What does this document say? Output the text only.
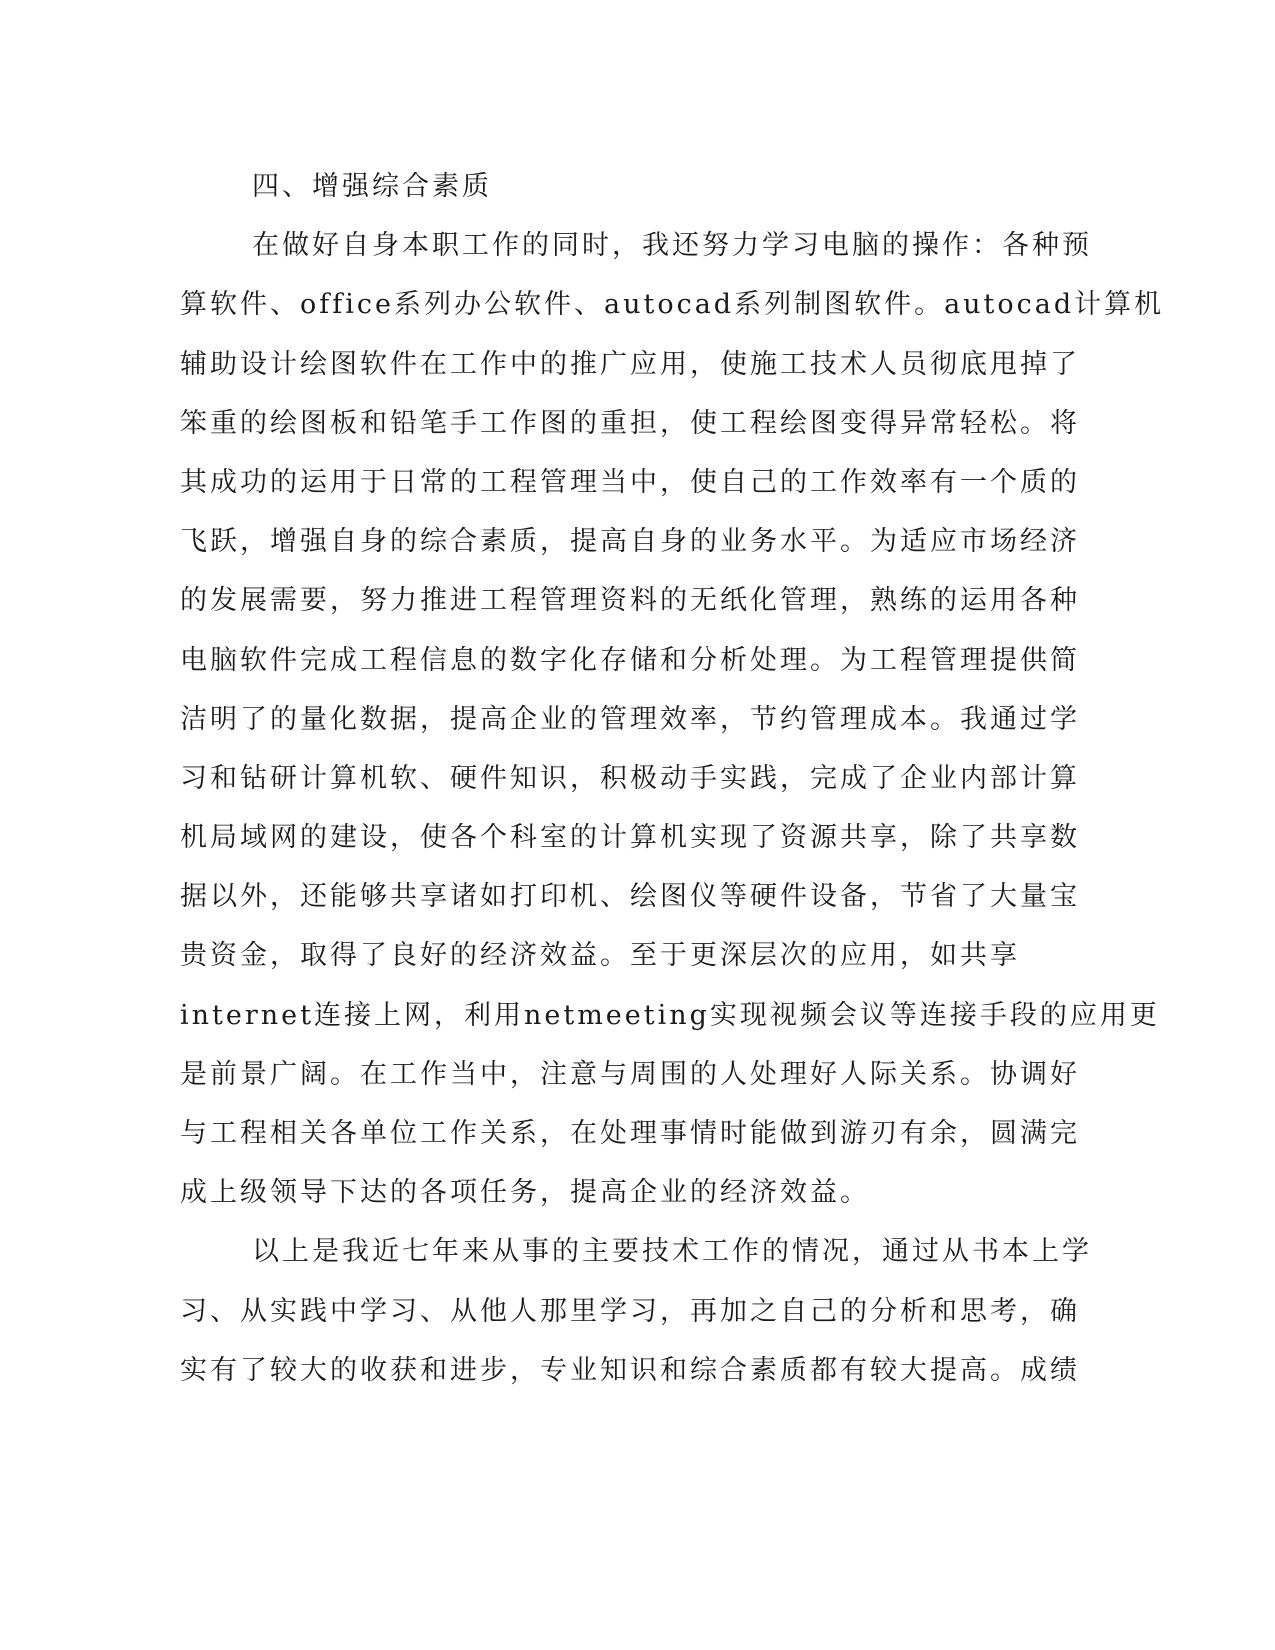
四、增强综合素质
在做好自身本职工作的同时，我还努力学习电脑的操作：各种预
算软件、office系列办公软件、autocad系列制图软件。autocad计算机
辅助设计绘图软件在工作中的推广应用，使施工技术人员彻底甩掉了
笨重的绘图板和铅笔手工作图的重担，使工程绘图变得异常轻松。将
其成功的运用于日常的工程管理当中，使自己的工作效率有一个质的
飞跃，增强自身的综合素质，提高自身的业务水平。为适应市场经济
的发展需要，努力推进工程管理资料的无纸化管理，熟练的运用各种
电脑软件完成工程信息的数字化存储和分析处理。为工程管理提供简
洁明了的量化数据，提高企业的管理效率，节约管理成本。我通过学
习和钻研计算机软、硬件知识，积极动手实践，完成了企业内部计算
机局域网的建设，使各个科室的计算机实现了资源共享，除了共享数
据以外，还能够共享诸如打印机、绘图仪等硬件设备，节省了大量宝
贵资金，取得了良好的经济效益。至于更深层次的应用，如共享
internet连接上网，利用netmeeting实现视频会议等连接手段的应用更
是前景广阔。在工作当中，注意与周围的人处理好人际关系。协调好
与工程相关各单位工作关系，在处理事情时能做到游刃有余，圆满完
成上级领导下达的各项任务，提高企业的经济效益。
以上是我近七年来从事的主要技术工作的情况，通过从书本上学
习、从实践中学习、从他人那里学习，再加之自己的分析和思考，确
实有了较大的收获和进步，专业知识和综合素质都有较大提高。成绩
